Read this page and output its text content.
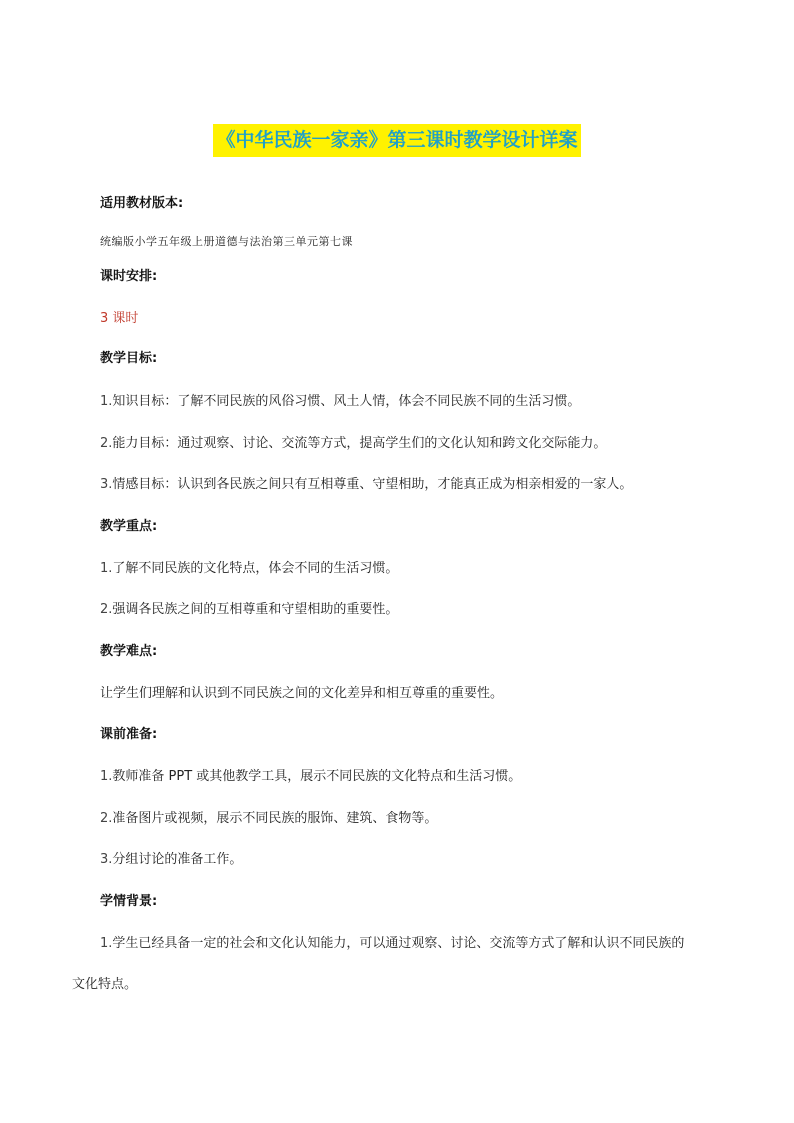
《中华民族一家亲》第三课时教学设计详案
适用教材版本:
统编版小学五年级上册道德与法治第三单元第七课
课时安排:
3 课时
教学目标:
1.知识目标：了解不同民族的风俗习惯、风土人情，体会不同民族不同的生活习惯。
2.能力目标：通过观察、讨论、交流等方式，提高学生们的文化认知和跨文化交际能力。
3.情感目标：认识到各民族之间只有互相尊重、守望相助，才能真正成为相亲相爱的一家人。
教学重点:
1.了解不同民族的文化特点，体会不同的生活习惯。
2.强调各民族之间的互相尊重和守望相助的重要性。
教学难点:
让学生们理解和认识到不同民族之间的文化差异和相互尊重的重要性。
课前准备:
1.教师准备 PPT 或其他教学工具，展示不同民族的文化特点和生活习惯。
2.准备图片或视频，展示不同民族的服饰、建筑、食物等。
3.分组讨论的准备工作。
学情背景:
1.学生已经具备一定的社会和文化认知能力，可以通过观察、讨论、交流等方式了解和认识不同民族的
文化特点。
